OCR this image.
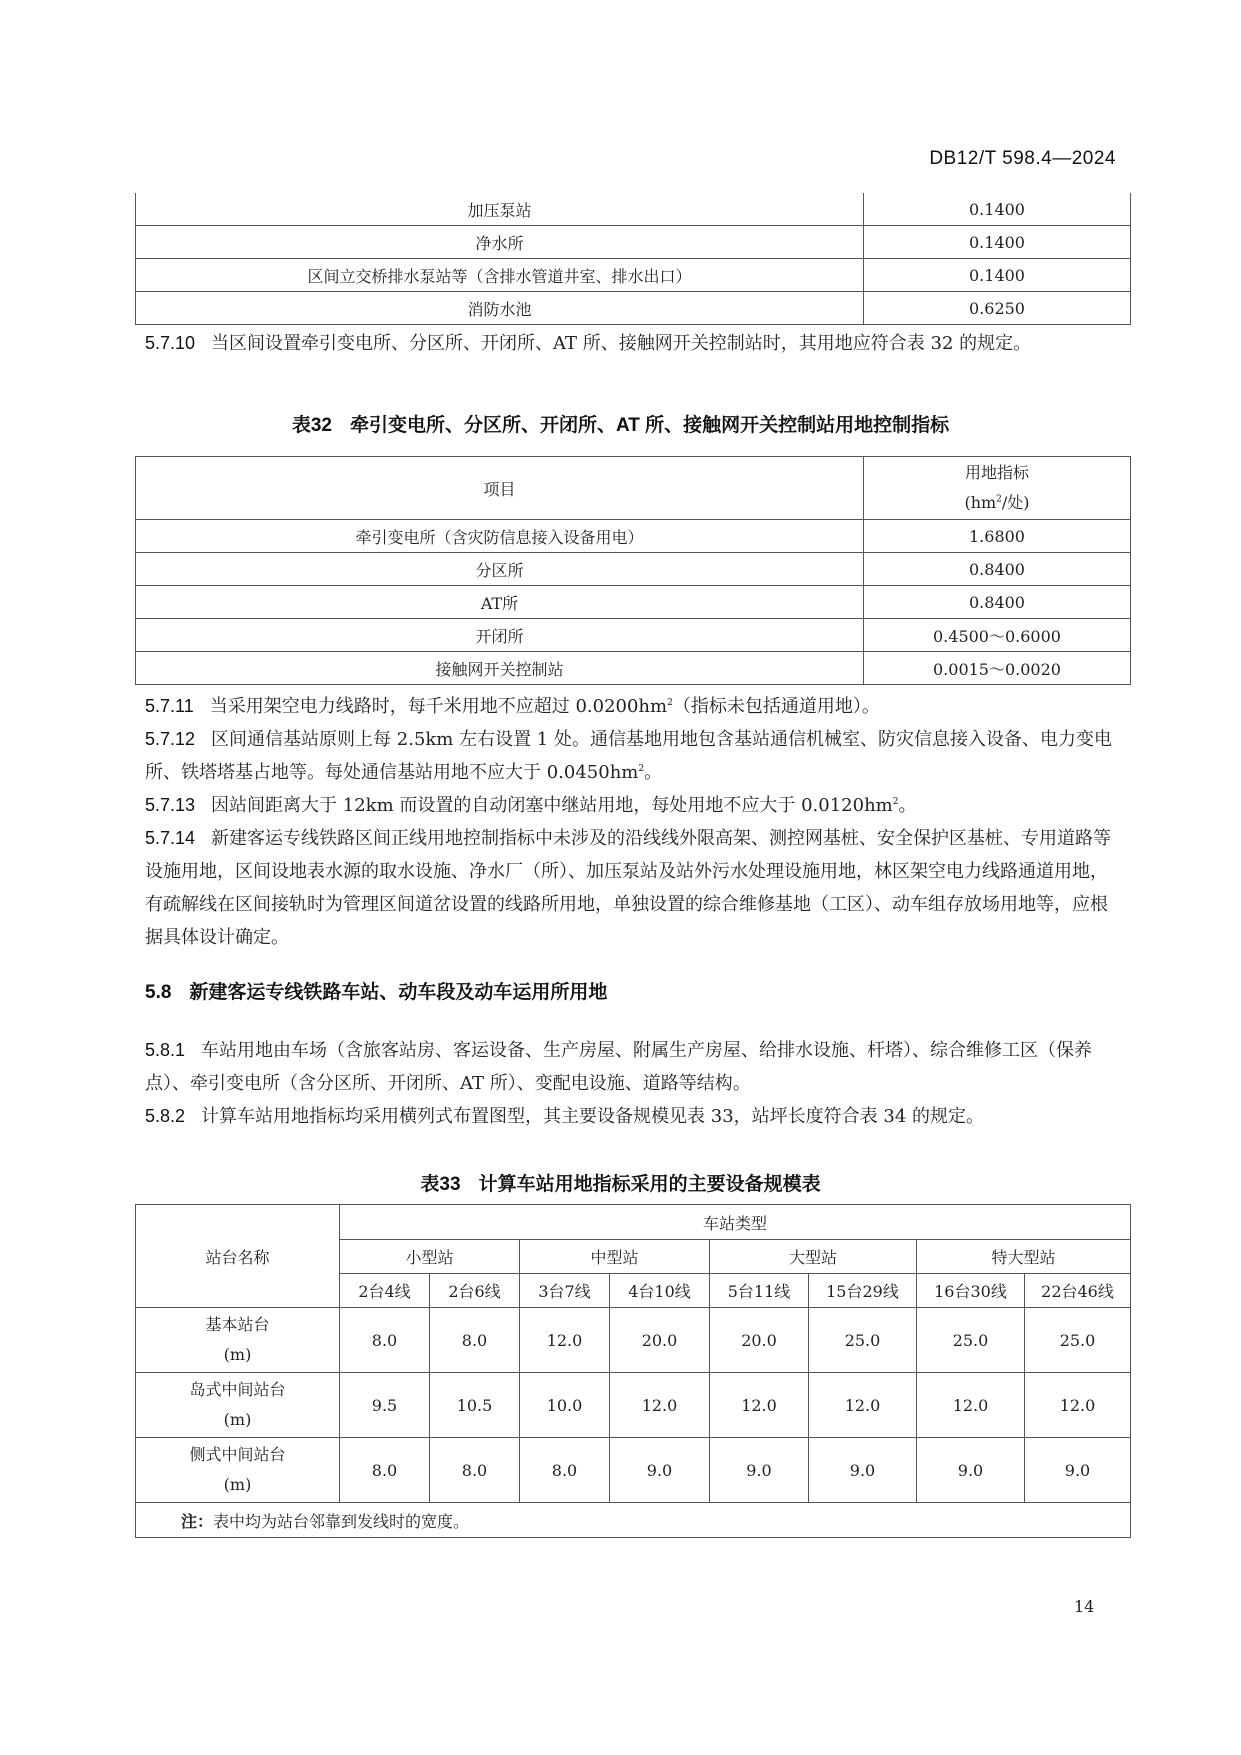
DB12/T 598.4—2024
加压泵站	0.1400
净水所	0.1400
区间立交桥排水泵站等（含排水管道井室、排水出口）	0.1400
消防水池	0.6250
5.7.10 当区间设置牵引变电所、分区所、开闭所、AT 所、接触网开关控制站时，其用地应符合表 32 的规定。
表32 牵引变电所、分区所、开闭所、AT 所、接触网开关控制站用地控制指标
项目	用地指标
($hm^2/$处)

牵引变电所（含灾防信息接入设备用电）	1.6800
分区所	0.8400
AT所	0.8400
开闭所	0.4500～0.6000
接触网开关控制站	0.0015～0.0020
5.7.11 当采用架空电力线路时，每千米用地不应超过 $0.0200hm^2$（指标未包括通道用地）。
5.7.12 区间通信基站原则上每 2.5km 左右设置 1 处。通信基地用地包含基站通信机械室、防灾信息接入设备、电力变电所、铁塔塔基占地等。每处通信基站用地不应大于 $0.0450hm^2$。
5.7.13 因站间距离大于 12km 而设置的自动闭塞中继站用地，每处用地不应大于 $0.0120hm^2$。
5.7.14 新建客运专线铁路区间正线用地控制指标中未涉及的沿线线外限高架、测控网基桩、安全保护区基桩、专用道路等设施用地，区间设地表水源的取水设施、净水厂（所）、加压泵站及站外污水处理设施用地，林区架空电力线路通道用地，有疏解线在区间接轨时为管理区间道岔设置的线路所用地，单独设置的综合维修基地（工区）、动车组存放场用地等，应根据具体设计确定。
5.8 新建客运专线铁路车站、动车段及动车运用所用地
5.8.1 车站用地由车场（含旅客站房、客运设备、生产房屋、附属生产房屋、给排水设施、杆塔）、综合维修工区（保养点）、牵引变电所（含分区所、开闭所、AT 所）、变配电设施、道路等结构。
5.8.2 计算车站用地指标均采用横列式布置图型，其主要设备规模见表 33，站坪长度符合表 34 的规定。
表33 计算车站用地指标采用的主要设备规模表
站台名称	车站类型							
	小型站		中型站		大型站		特大型站	
	2台4线	2台6线	3台7线	4台10线	5台11线	15台29线	16台30线	22台46线

基本站台
(m)	8.0	8.0	12.0	20.0	20.0	25.0	25.0	25.0

岛式中间站台
(m)	9.5	10.5	10.0	12.0	12.0	12.0	12.0	12.0

侧式中间站台
(m)	8.0	8.0	8.0	9.0	9.0	9.0	9.0	9.0
注：表中均为站台邻靠到发线时的宽度。								
14
